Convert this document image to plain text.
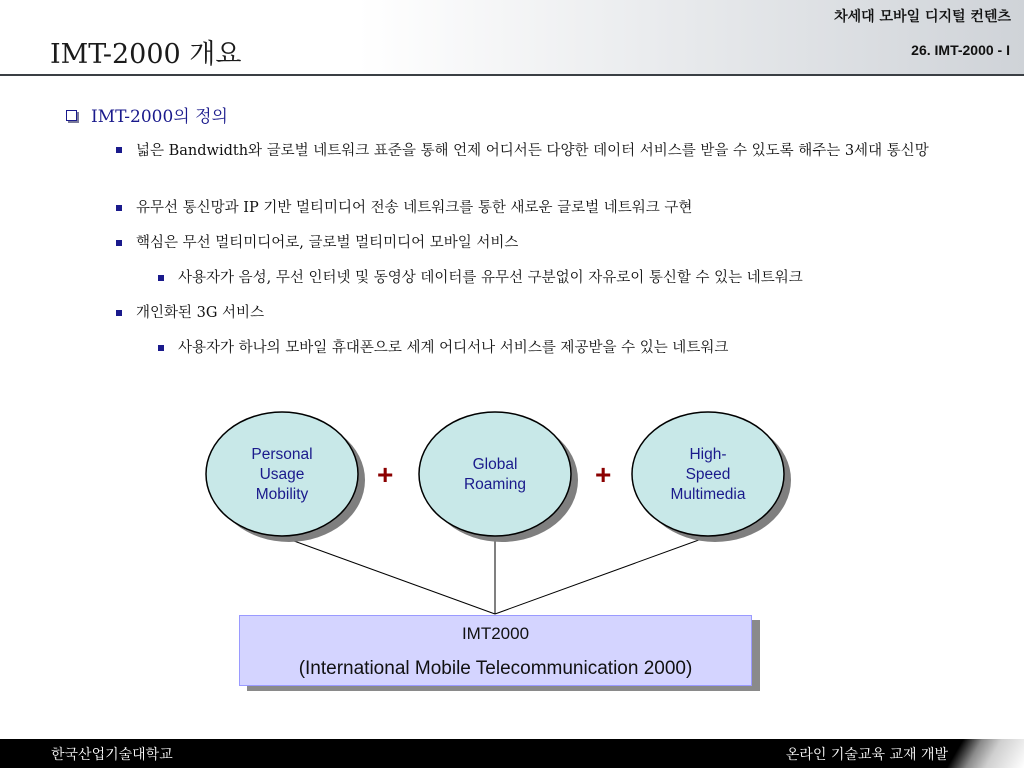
IMT-2000 개요
차세대 모바일 디지털 컨텐츠
26. IMT-2000 - I
IMT-2000의 정의
넓은 Bandwidth와 글로벌 네트워크 표준을 통해 언제 어디서든 다양한 데이터 서비스를 받을 수 있도록 해주는 3세대 통신망
유무선 통신망과 IP 기반 멀티미디어 전송 네트워크를 통한 새로운 글로벌 네트워크 구현
핵심은 무선 멀티미디어로, 글로벌 멀티미디어 모바일 서비스
사용자가 음성, 무선 인터넷 및 동영상 데이터를 유무선 구분없이 자유로이 통신할 수 있는 네트워크
개인화된 3G 서비스
사용자가 하나의 모바일 휴대폰으로 세계 어디서나 서비스를 제공받을 수 있는 네트워크
Personal
Usage
Mobility
Global
Roaming
High-
Speed
Multimedia
+	+
IMT2000
(International Mobile Telecommunication 2000)
한국산업기술대학교	온라인 기술교육 교재 개발
